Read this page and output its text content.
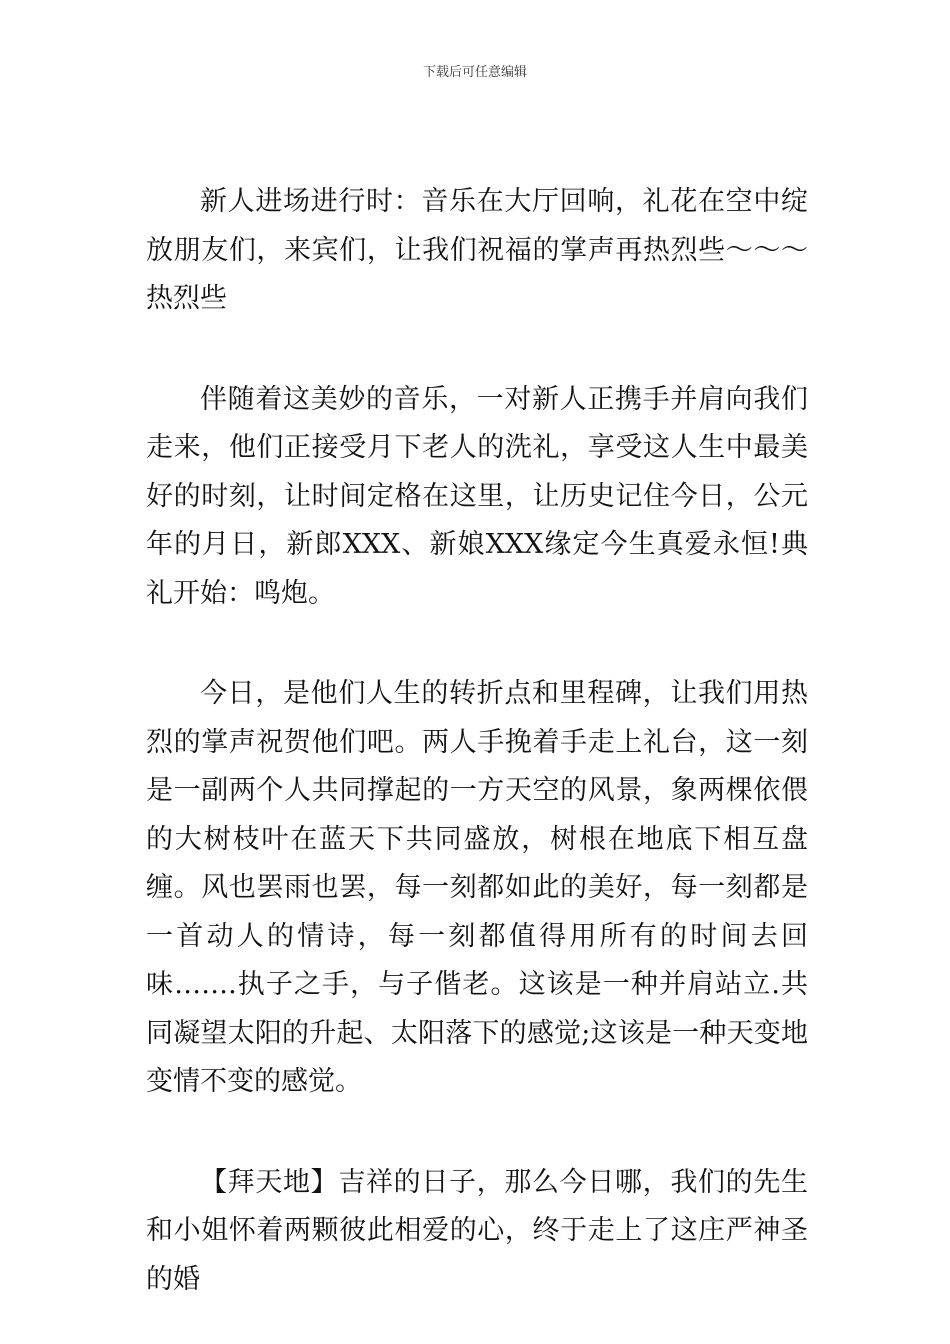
下载后可任意编辑

新人进场进行时：音乐在大厅回响，礼花在空中绽放朋友们，来宾们，让我们祝福的掌声再热烈些～～～热烈些

伴随着这美妙的音乐，一对新人正携手并肩向我们走来，他们正接受月下老人的洗礼，享受这人生中最美好的时刻，让时间定格在这里，让历史记住今日，公元年的月日，新郎XXX、新娘XXX缘定今生真爱永恒!典礼开始：鸣炮。

今日，是他们人生的转折点和里程碑，让我们用热烈的掌声祝贺他们吧。两人手挽着手走上礼台，这一刻是一副两个人共同撑起的一方天空的风景，象两棵依偎的大树枝叶在蓝天下共同盛放，树根在地底下相互盘缠。风也罢雨也罢，每一刻都如此的美好，每一刻都是一首动人的情诗，每一刻都值得用所有的时间去回味…….执子之手，与子偕老。这该是一种并肩站立.共同凝望太阳的升起、太阳落下的感觉;这该是一种天变地变情不变的感觉。

【拜天地】吉祥的日子，那么今日哪，我们的先生和小姐怀着两颗彼此相爱的心，终于走上了这庄严神圣的婚
